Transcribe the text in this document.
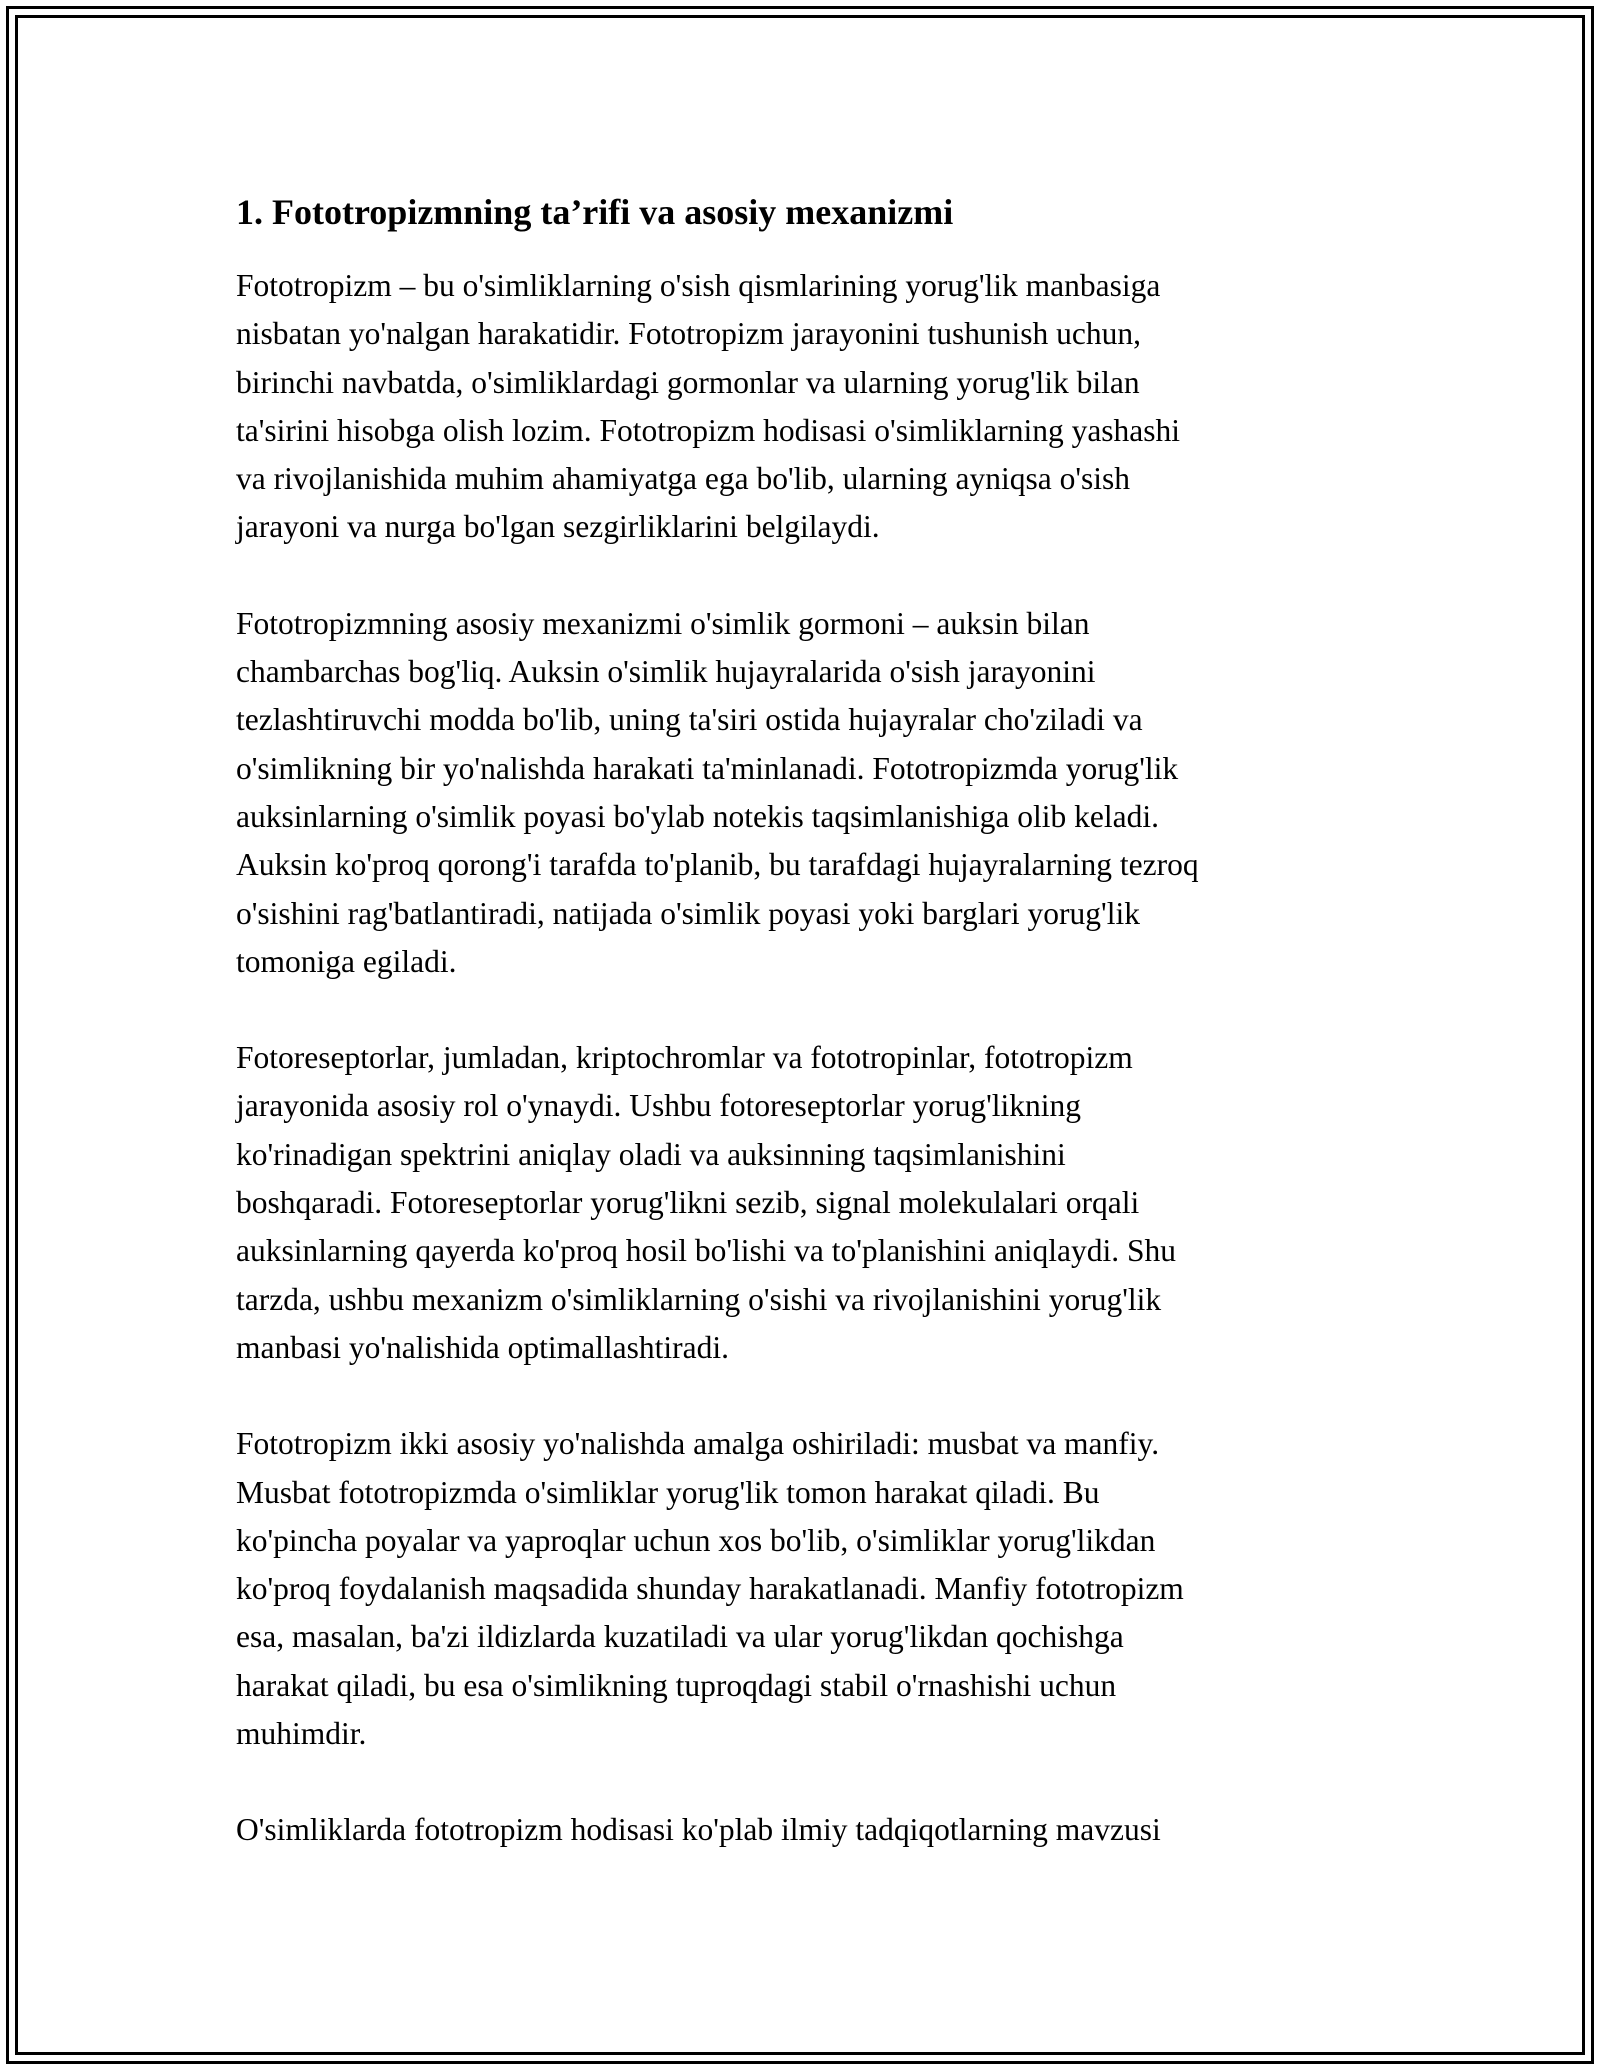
1. Fototropizmning ta’rifi va asosiy mexanizmi

Fototropizm – bu o'simliklarning o'sish qismlarining yorug'lik manbasiga
nisbatan yo'nalgan harakatidir. Fototropizm jarayonini tushunish uchun,
birinchi navbatda, o'simliklardagi gormonlar va ularning yorug'lik bilan
ta'sirini hisobga olish lozim. Fototropizm hodisasi o'simliklarning yashashi
va rivojlanishida muhim ahamiyatga ega bo'lib, ularning ayniqsa o'sish
jarayoni va nurga bo'lgan sezgirliklarini belgilaydi.

Fototropizmning asosiy mexanizmi o'simlik gormoni – auksin bilan
chambarchas bog'liq. Auksin o'simlik hujayralarida o'sish jarayonini
tezlashtiruvchi modda bo'lib, uning ta'siri ostida hujayralar cho'ziladi va
o'simlikning bir yo'nalishda harakati ta'minlanadi. Fototropizmda yorug'lik
auksinlarning o'simlik poyasi bo'ylab notekis taqsimlanishiga olib keladi.
Auksin ko'proq qorong'i tarafda to'planib, bu tarafdagi hujayralarning tezroq
o'sishini rag'batlantiradi, natijada o'simlik poyasi yoki barglari yorug'lik
tomoniga egiladi.

Fotoreseptorlar, jumladan, kriptochromlar va fototropinlar, fototropizm
jarayonida asosiy rol o'ynaydi. Ushbu fotoreseptorlar yorug'likning
ko'rinadigan spektrini aniqlay oladi va auksinning taqsimlanishini
boshqaradi. Fotoreseptorlar yorug'likni sezib, signal molekulalari orqali
auksinlarning qayerda ko'proq hosil bo'lishi va to'planishini aniqlaydi. Shu
tarzda, ushbu mexanizm o'simliklarning o'sishi va rivojlanishini yorug'lik
manbasi yo'nalishida optimallashtiradi.

Fototropizm ikki asosiy yo'nalishda amalga oshiriladi: musbat va manfiy.
Musbat fototropizmda o'simliklar yorug'lik tomon harakat qiladi. Bu
ko'pincha poyalar va yaproqlar uchun xos bo'lib, o'simliklar yorug'likdan
ko'proq foydalanish maqsadida shunday harakatlanadi. Manfiy fototropizm
esa, masalan, ba'zi ildizlarda kuzatiladi va ular yorug'likdan qochishga
harakat qiladi, bu esa o'simlikning tuproqdagi stabil o'rnashishi uchun
muhimdir.

O'simliklarda fototropizm hodisasi ko'plab ilmiy tadqiqotlarning mavzusi
